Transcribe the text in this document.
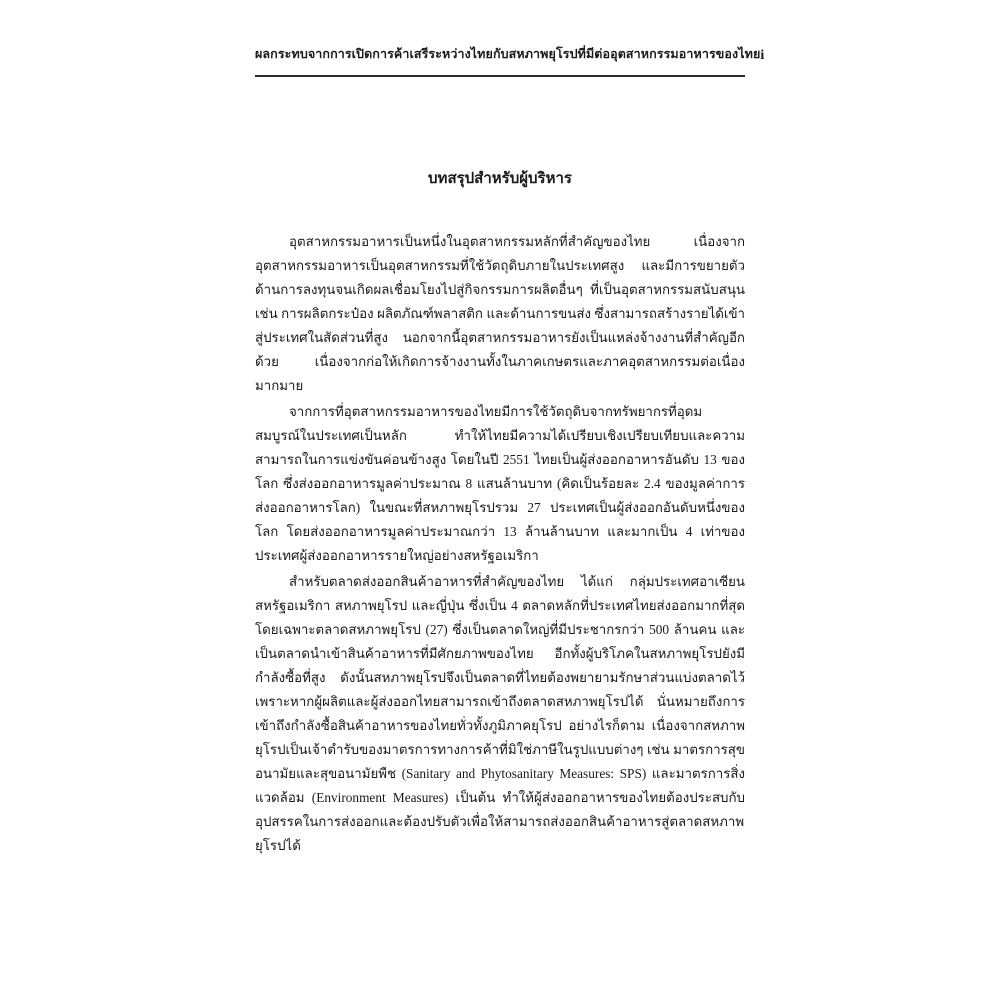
ผลกระทบจากการเปิดการค้าเสรีระหว่างไทยกับสหภาพยุโรปที่มีต่ออุตสาหกรรมอาหารของไทย i
บทสรุปสำหรับผู้บริหาร

อุตสาหกรรมอาหารเป็นหนึ่งในอุตสาหกรรมหลักที่สำคัญของไทย เนื่องจากอุตสาหกรรมอาหารเป็นอุตสาหกรรมที่ใช้วัตถุดิบภายในประเทศสูง และมีการขยายตัวด้านการลงทุนจนเกิดผลเชื่อมโยงไปสู่กิจกรรมการผลิตอื่นๆ ที่เป็นอุตสาหกรรมสนับสนุน เช่น การผลิตกระป๋อง ผลิตภัณฑ์พลาสติก และด้านการขนส่ง ซึ่งสามารถสร้างรายได้เข้าสู่ประเทศในสัดส่วนที่สูง นอกจากนี้อุตสาหกรรมอาหารยังเป็นแหล่งจ้างงานที่สำคัญอีกด้วย เนื่องจากก่อให้เกิดการจ้างงานทั้งในภาคเกษตรและภาคอุตสาหกรรมต่อเนื่องมากมาย

จากการที่อุตสาหกรรมอาหารของไทยมีการใช้วัตถุดิบจากทรัพยากรที่อุดมสมบูรณ์ในประเทศเป็นหลัก ทำให้ไทยมีความได้เปรียบเชิงเปรียบเทียบและความสามารถในการแข่งขันค่อนข้างสูง โดยในปี 2551 ไทยเป็นผู้ส่งออกอาหารอันดับ 13 ของโลก ซึ่งส่งออกอาหารมูลค่าประมาณ 8 แสนล้านบาท (คิดเป็นร้อยละ 2.4 ของมูลค่าการส่งออกอาหารโลก) ในขณะที่สหภาพยุโรปรวม 27 ประเทศเป็นผู้ส่งออกอันดับหนึ่งของโลก โดยส่งออกอาหารมูลค่าประมาณกว่า 13 ล้านล้านบาท และมากเป็น 4 เท่าของประเทศผู้ส่งออกอาหารรายใหญ่อย่างสหรัฐอเมริกา

สำหรับตลาดส่งออกสินค้าอาหารที่สำคัญของไทย ได้แก่ กลุ่มประเทศอาเซียน สหรัฐอเมริกา สหภาพยุโรป และญี่ปุ่น ซึ่งเป็น 4 ตลาดหลักที่ประเทศไทยส่งออกมากที่สุด โดยเฉพาะตลาดสหภาพยุโรป (27) ซึ่งเป็นตลาดใหญ่ที่มีประชากรกว่า 500 ล้านคน และเป็นตลาดนำเข้าสินค้าอาหารที่มีศักยภาพของไทย อีกทั้งผู้บริโภคในสหภาพยุโรปยังมีกำลังซื้อที่สูง ดังนั้นสหภาพยุโรปจึงเป็นตลาดที่ไทยต้องพยายามรักษาส่วนแบ่งตลาดไว้ เพราะหากผู้ผลิตและผู้ส่งออกไทยสามารถเข้าถึงตลาดสหภาพยุโรปได้ นั่นหมายถึงการเข้าถึงกำลังซื้อสินค้าอาหารของไทยทั่วทั้งภูมิภาคยุโรป อย่างไรก็ตาม เนื่องจากสหภาพยุโรปเป็นเจ้าตำรับของมาตรการทางการค้าที่มิใช่ภาษีในรูปแบบต่างๆ เช่น มาตรการสุขอนามัยและสุขอนามัยพืช (Sanitary and Phytosanitary Measures: SPS) และมาตรการสิ่งแวดล้อม (Environment Measures) เป็นต้น ทำให้ผู้ส่งออกอาหารของไทยต้องประสบกับอุปสรรคในการส่งออกและต้องปรับตัวเพื่อให้สามารถส่งออกสินค้าอาหารสู่ตลาดสหภาพยุโรปได้
